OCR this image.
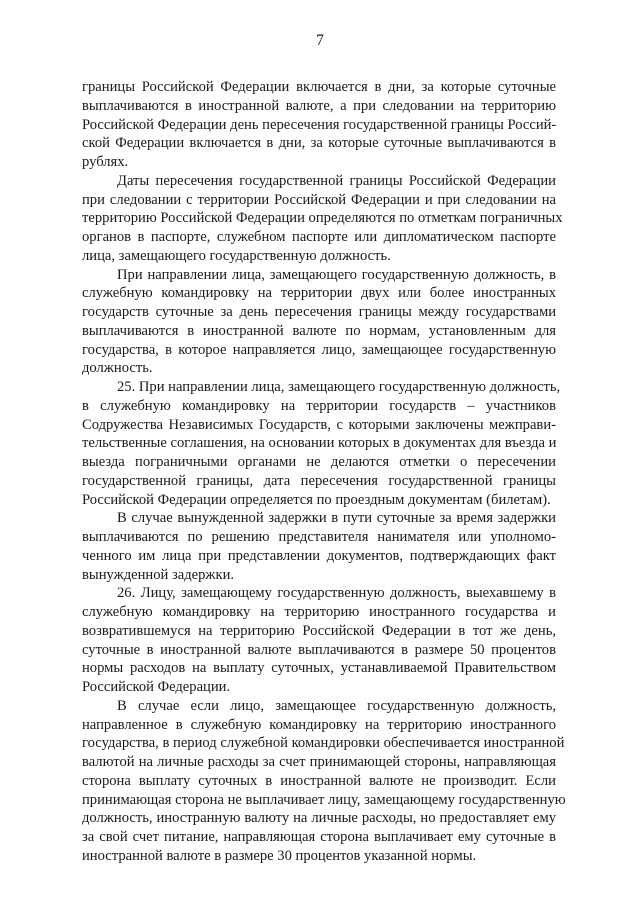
7
границы Российской Федерации включается в дни, за которые суточные
выплачиваются в иностранной валюте, а при следовании на территорию
Российской Федерации день пересечения государственной границы Россий-
ской Федерации включается в дни, за которые суточные выплачиваются в
рублях.
Даты пересечения государственной границы Российской Федерации
при следовании с территории Российской Федерации и при следовании на
территорию Российской Федерации определяются по отметкам пограничных
органов в паспорте, служебном паспорте или дипломатическом паспорте
лица, замещающего государственную должность.
При направлении лица, замещающего государственную должность, в
служебную командировку на территории двух или более иностранных
государств суточные за день пересечения границы между государствами
выплачиваются в иностранной валюте по нормам, установленным для
государства, в которое направляется лицо, замещающее государственную
должность.
25. При направлении лица, замещающего государственную должность,
в служебную командировку на территории государств – участников
Содружества Независимых Государств, с которыми заключены межправи-
тельственные соглашения, на основании которых в документах для въезда и
выезда пограничными органами не делаются отметки о пересечении
государственной границы, дата пересечения государственной границы
Российской Федерации определяется по проездным документам (билетам).
В случае вынужденной задержки в пути суточные за время задержки
выплачиваются по решению представителя нанимателя или уполномо-
ченного им лица при представлении документов, подтверждающих факт
вынужденной задержки.
26. Лицу, замещающему государственную должность, выехавшему в
служебную командировку на территорию иностранного государства и
возвратившемуся на территорию Российской Федерации в тот же день,
суточные в иностранной валюте выплачиваются в размере 50 процентов
нормы расходов на выплату суточных, устанавливаемой Правительством
Российской Федерации.
В случае если лицо, замещающее государственную должность,
направленное в служебную командировку на территорию иностранного
государства, в период служебной командировки обеспечивается иностранной
валютой на личные расходы за счет принимающей стороны, направляющая
сторона выплату суточных в иностранной валюте не производит. Если
принимающая сторона не выплачивает лицу, замещающему государственную
должность, иностранную валюту на личные расходы, но предоставляет ему
за свой счет питание, направляющая сторона выплачивает ему суточные в
иностранной валюте в размере 30 процентов указанной нормы.
